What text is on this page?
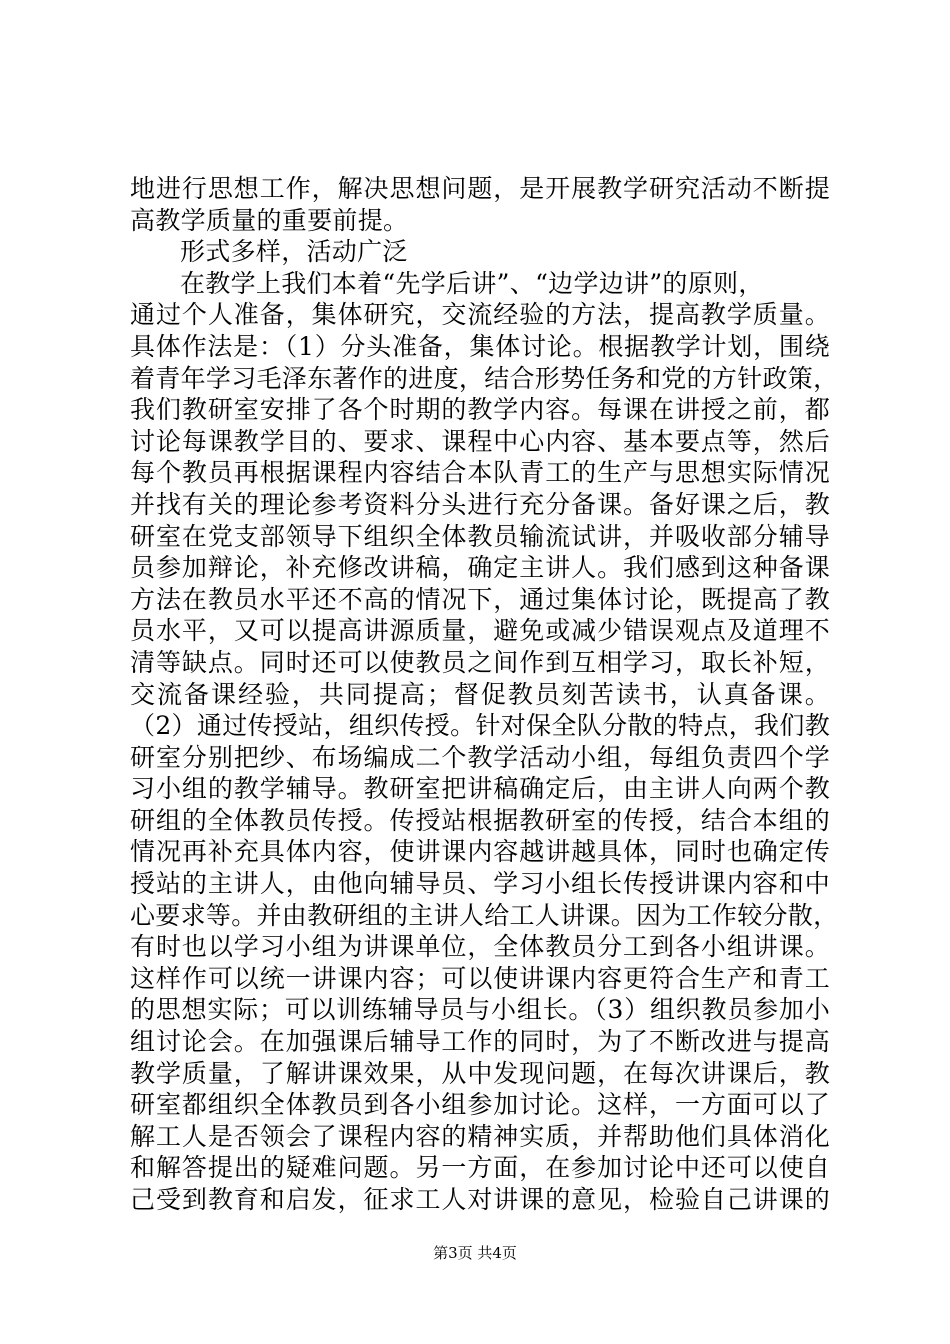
地进行思想工作，解决思想问题，是开展教学研究活动不断提
高教学质量的重要前提。
形式多样，活动广泛
在教学上我们本着“先学后讲”、“边学边讲”的原则，
通过个人准备，集体研究，交流经验的方法，提高教学质量。
具体作法是：（1）分头准备，集体讨论。根据教学计划，围绕
着青年学习毛泽东著作的进度，结合形势任务和党的方针政策，
我们教研室安排了各个时期的教学内容。每课在讲授之前，都
讨论每课教学目的、要求、课程中心内容、基本要点等，然后
每个教员再根据课程内容结合本队青工的生产与思想实际情况
并找有关的理论参考资料分头进行充分备课。备好课之后，教
研室在党支部领导下组织全体教员输流试讲，并吸收部分辅导
员参加辩论，补充修改讲稿，确定主讲人。我们感到这种备课
方法在教员水平还不高的情况下，通过集体讨论，既提高了教
员水平，又可以提高讲源质量，避免或减少错误观点及道理不
清等缺点。同时还可以使教员之间作到互相学习，取长补短，
交流备课经验，共同提高；督促教员刻苦读书，认真备课。
（2）通过传授站，组织传授。针对保全队分散的特点，我们教
研室分别把纱、布场编成二个教学活动小组，每组负责四个学
习小组的教学辅导。教研室把讲稿确定后，由主讲人向两个教
研组的全体教员传授。传授站根据教研室的传授，结合本组的
情况再补充具体内容，使讲课内容越讲越具体，同时也确定传
授站的主讲人，由他向辅导员、学习小组长传授讲课内容和中
心要求等。并由教研组的主讲人给工人讲课。因为工作较分散，
有时也以学习小组为讲课单位，全体教员分工到各小组讲课。
这样作可以统一讲课内容；可以使讲课内容更符合生产和青工
的思想实际；可以训练辅导员与小组长。（3）组织教员参加小
组讨论会。在加强课后辅导工作的同时，为了不断改进与提高
教学质量，了解讲课效果，从中发现问题，在每次讲课后，教
研室都组织全体教员到各小组参加讨论。这样，一方面可以了
解工人是否领会了课程内容的精神实质，并帮助他们具体消化
和解答提出的疑难问题。另一方面，在参加讨论中还可以使自
己受到教育和启发，征求工人对讲课的意见，检验自己讲课的
第3页 共4页
